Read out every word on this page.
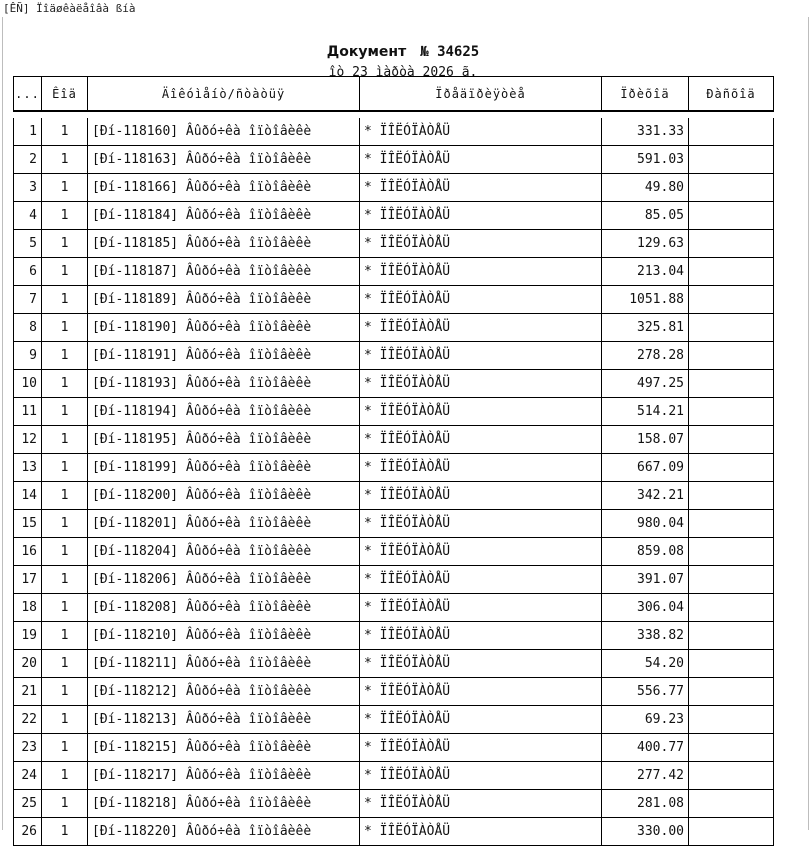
[ÊÑ] Ïîäøêàëåîâà ßíà
Документ № 34625
îò 23 ìàðòà 2026 ã.
...	Êîä	Äîêóìåíò/ñòàòüÿ	Ïðåäïðèÿòèå	Ïðèõîä	Ðàñõîä

1	1	[Ðí-118160] Âûðó÷êà îïòîâèêè	* ÏÎËÓÏÀÒÅÜ	331.33	
2	1	[Ðí-118163] Âûðó÷êà îïòîâèêè	* ÏÎËÓÏÀÒÅÜ	591.03	
3	1	[Ðí-118166] Âûðó÷êà îïòîâèêè	* ÏÎËÓÏÀÒÅÜ	49.80	
4	1	[Ðí-118184] Âûðó÷êà îïòîâèêè	* ÏÎËÓÏÀÒÅÜ	85.05	
5	1	[Ðí-118185] Âûðó÷êà îïòîâèêè	* ÏÎËÓÏÀÒÅÜ	129.63	
6	1	[Ðí-118187] Âûðó÷êà îïòîâèêè	* ÏÎËÓÏÀÒÅÜ	213.04	
7	1	[Ðí-118189] Âûðó÷êà îïòîâèêè	* ÏÎËÓÏÀÒÅÜ	1051.88	
8	1	[Ðí-118190] Âûðó÷êà îïòîâèêè	* ÏÎËÓÏÀÒÅÜ	325.81	
9	1	[Ðí-118191] Âûðó÷êà îïòîâèêè	* ÏÎËÓÏÀÒÅÜ	278.28	
10	1	[Ðí-118193] Âûðó÷êà îïòîâèêè	* ÏÎËÓÏÀÒÅÜ	497.25	
11	1	[Ðí-118194] Âûðó÷êà îïòîâèêè	* ÏÎËÓÏÀÒÅÜ	514.21	
12	1	[Ðí-118195] Âûðó÷êà îïòîâèêè	* ÏÎËÓÏÀÒÅÜ	158.07	
13	1	[Ðí-118199] Âûðó÷êà îïòîâèêè	* ÏÎËÓÏÀÒÅÜ	667.09	
14	1	[Ðí-118200] Âûðó÷êà îïòîâèêè	* ÏÎËÓÏÀÒÅÜ	342.21	
15	1	[Ðí-118201] Âûðó÷êà îïòîâèêè	* ÏÎËÓÏÀÒÅÜ	980.04	
16	1	[Ðí-118204] Âûðó÷êà îïòîâèêè	* ÏÎËÓÏÀÒÅÜ	859.08	
17	1	[Ðí-118206] Âûðó÷êà îïòîâèêè	* ÏÎËÓÏÀÒÅÜ	391.07	
18	1	[Ðí-118208] Âûðó÷êà îïòîâèêè	* ÏÎËÓÏÀÒÅÜ	306.04	
19	1	[Ðí-118210] Âûðó÷êà îïòîâèêè	* ÏÎËÓÏÀÒÅÜ	338.82	
20	1	[Ðí-118211] Âûðó÷êà îïòîâèêè	* ÏÎËÓÏÀÒÅÜ	54.20	
21	1	[Ðí-118212] Âûðó÷êà îïòîâèêè	* ÏÎËÓÏÀÒÅÜ	556.77	
22	1	[Ðí-118213] Âûðó÷êà îïòîâèêè	* ÏÎËÓÏÀÒÅÜ	69.23	
23	1	[Ðí-118215] Âûðó÷êà îïòîâèêè	* ÏÎËÓÏÀÒÅÜ	400.77	
24	1	[Ðí-118217] Âûðó÷êà îïòîâèêè	* ÏÎËÓÏÀÒÅÜ	277.42	
25	1	[Ðí-118218] Âûðó÷êà îïòîâèêè	* ÏÎËÓÏÀÒÅÜ	281.08	
26	1	[Ðí-118220] Âûðó÷êà îïòîâèêè	* ÏÎËÓÏÀÒÅÜ	330.00	
